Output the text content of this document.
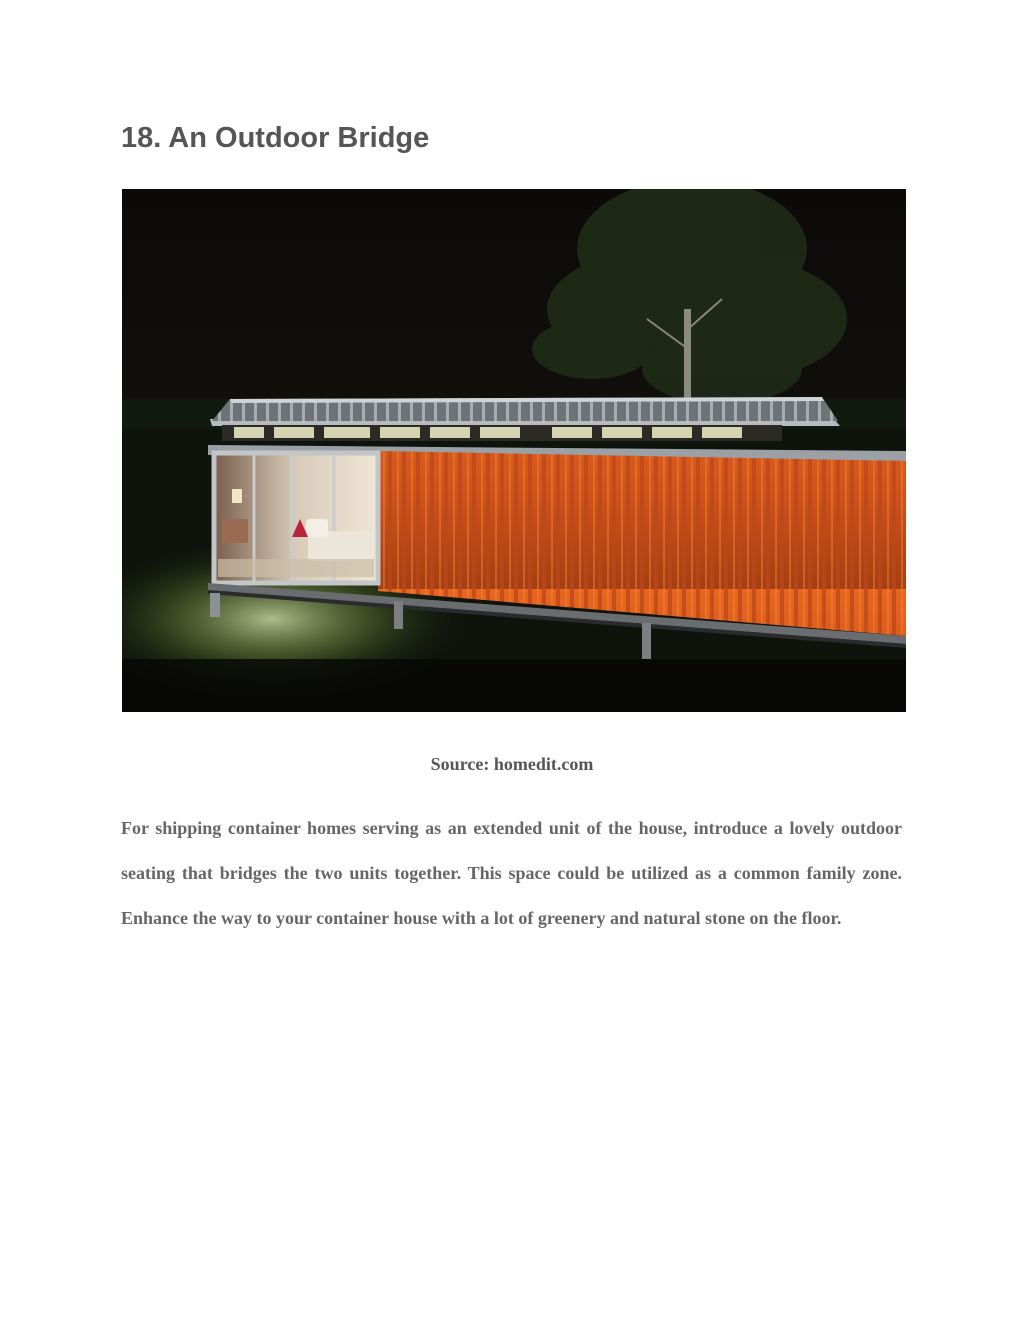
18. An Outdoor Bridge
Source: homedit.com

For shipping container homes serving as an extended unit of the house, introduce a lovely outdoor seating that bridges the two units together. This space could be utilized as a common family zone. Enhance the way to your container house with a lot of greenery and natural stone on the floor.
